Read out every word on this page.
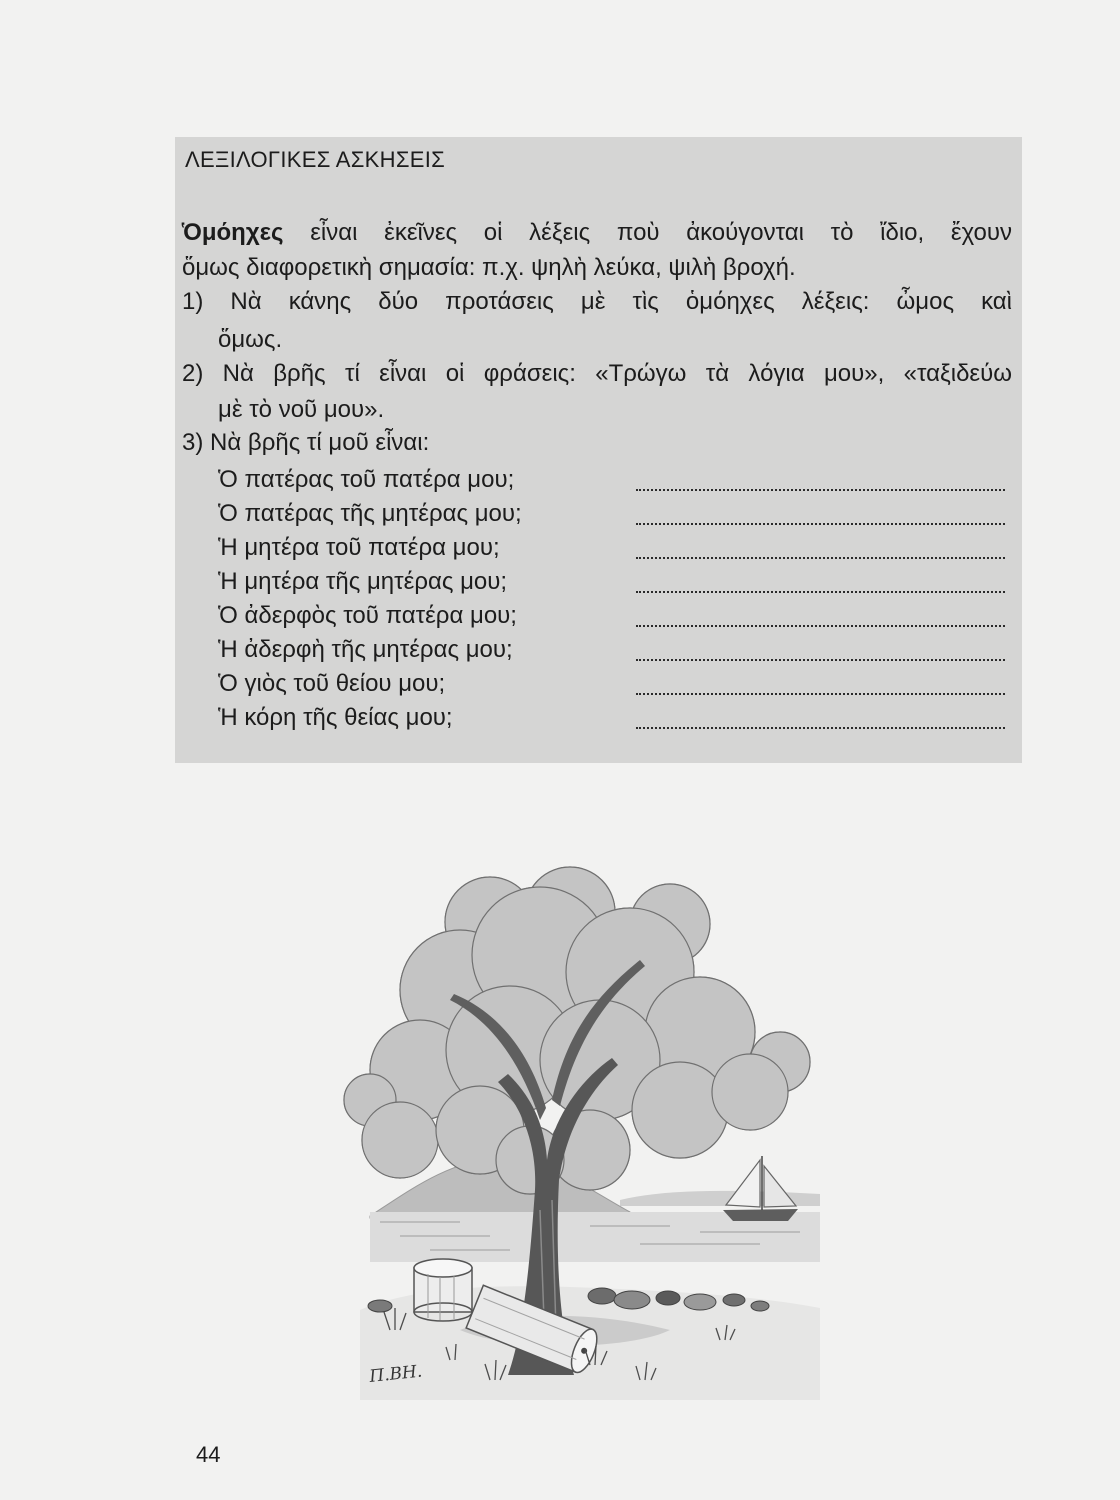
ΛΕΞΙΛΟΓΙΚΕΣ ΑΣΚΗΣΕΙΣ
Ὁμόηχες εἶναι ἐκεῖνες οἱ λέξεις ποὺ ἀκούγονται τὸ ἴδιο, ἔχουν
ὅμως διαφορετικὴ σημασία: π.χ. ψηλὴ λεύκα, ψιλὴ βροχή.
1) Νὰ κάνης δύο προτάσεις μὲ τὶς ὁμόηχες λέξεις: ὦμος καὶ
ὅμως.
2) Νὰ βρῆς τί εἶναι οἱ φράσεις: «Τρώγω τὰ λόγια μου», «ταξιδεύω
μὲ τὸ νοῦ μου».
3) Νὰ βρῆς τί μοῦ εἶναι:
Ὁ πατέρας τοῦ πατέρα μου;
Ὁ πατέρας τῆς μητέρας μου;
Ἡ μητέρα τοῦ πατέρα μου;
Ἡ μητέρα τῆς μητέρας μου;
Ὁ ἀδερφὸς τοῦ πατέρα μου;
Ἡ ἀδερφὴ τῆς μητέρας μου;
Ὁ γιὸς τοῦ θείου μου;
Ἡ κόρη τῆς θείας μου;
Π.ΒΗ.
44
